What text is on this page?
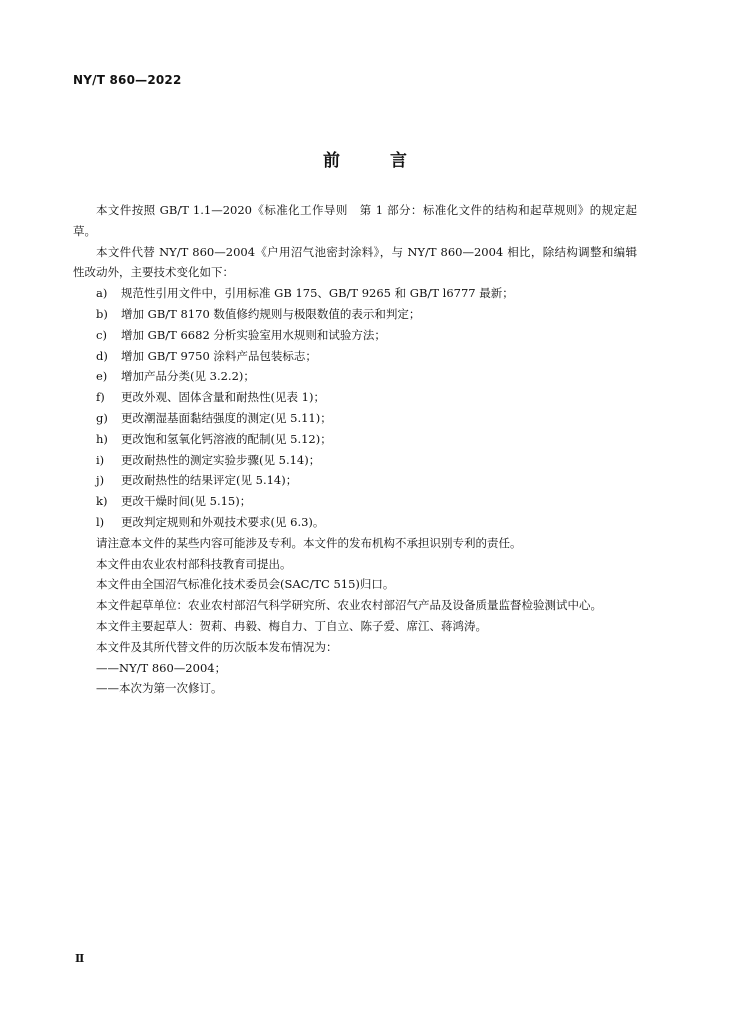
NY/T 860—2022
前 言

本文件按照 GB/T 1.1—2020《标准化工作导则　第 1 部分：标准化文件的结构和起草规则》的规定起草。

本文件代替 NY/T 860—2004《户用沼气池密封涂料》，与 NY/T 860—2004 相比，除结构调整和编辑性改动外，主要技术变化如下：

a)	规范性引用文件中，引用标准 GB 175、GB/T 9265 和 GB/T l6777 最新；
b)	增加 GB/T 8170 数值修约规则与极限数值的表示和判定；
c)	增加 GB/T 6682 分析实验室用水规则和试验方法；
d)	增加 GB/T 9750 涂料产品包装标志；
e)	增加产品分类(见 3.2.2)；
f)	更改外观、固体含量和耐热性(见表 1)；
g)	更改潮湿基面黏结强度的测定(见 5.11)；
h)	更改饱和氢氧化钙溶液的配制(见 5.12)；
i)	更改耐热性的测定实验步骤(见 5.14)；
j)	更改耐热性的结果评定(见 5.14)；
k)	更改干燥时间(见 5.15)；
l)	更改判定规则和外观技术要求(见 6.3)。

请注意本文件的某些内容可能涉及专利。本文件的发布机构不承担识别专利的责任。

本文件由农业农村部科技教育司提出。

本文件由全国沼气标准化技术委员会(SAC/TC 515)归口。

本文件起草单位：农业农村部沼气科学研究所、农业农村部沼气产品及设备质量监督检验测试中心。

本文件主要起草人：贺莉、冉毅、梅自力、丁自立、陈子爱、席江、蒋鸿涛。

本文件及其所代替文件的历次版本发布情况为：

——NY/T 860—2004；

——本次为第一次修订。

Ⅱ
